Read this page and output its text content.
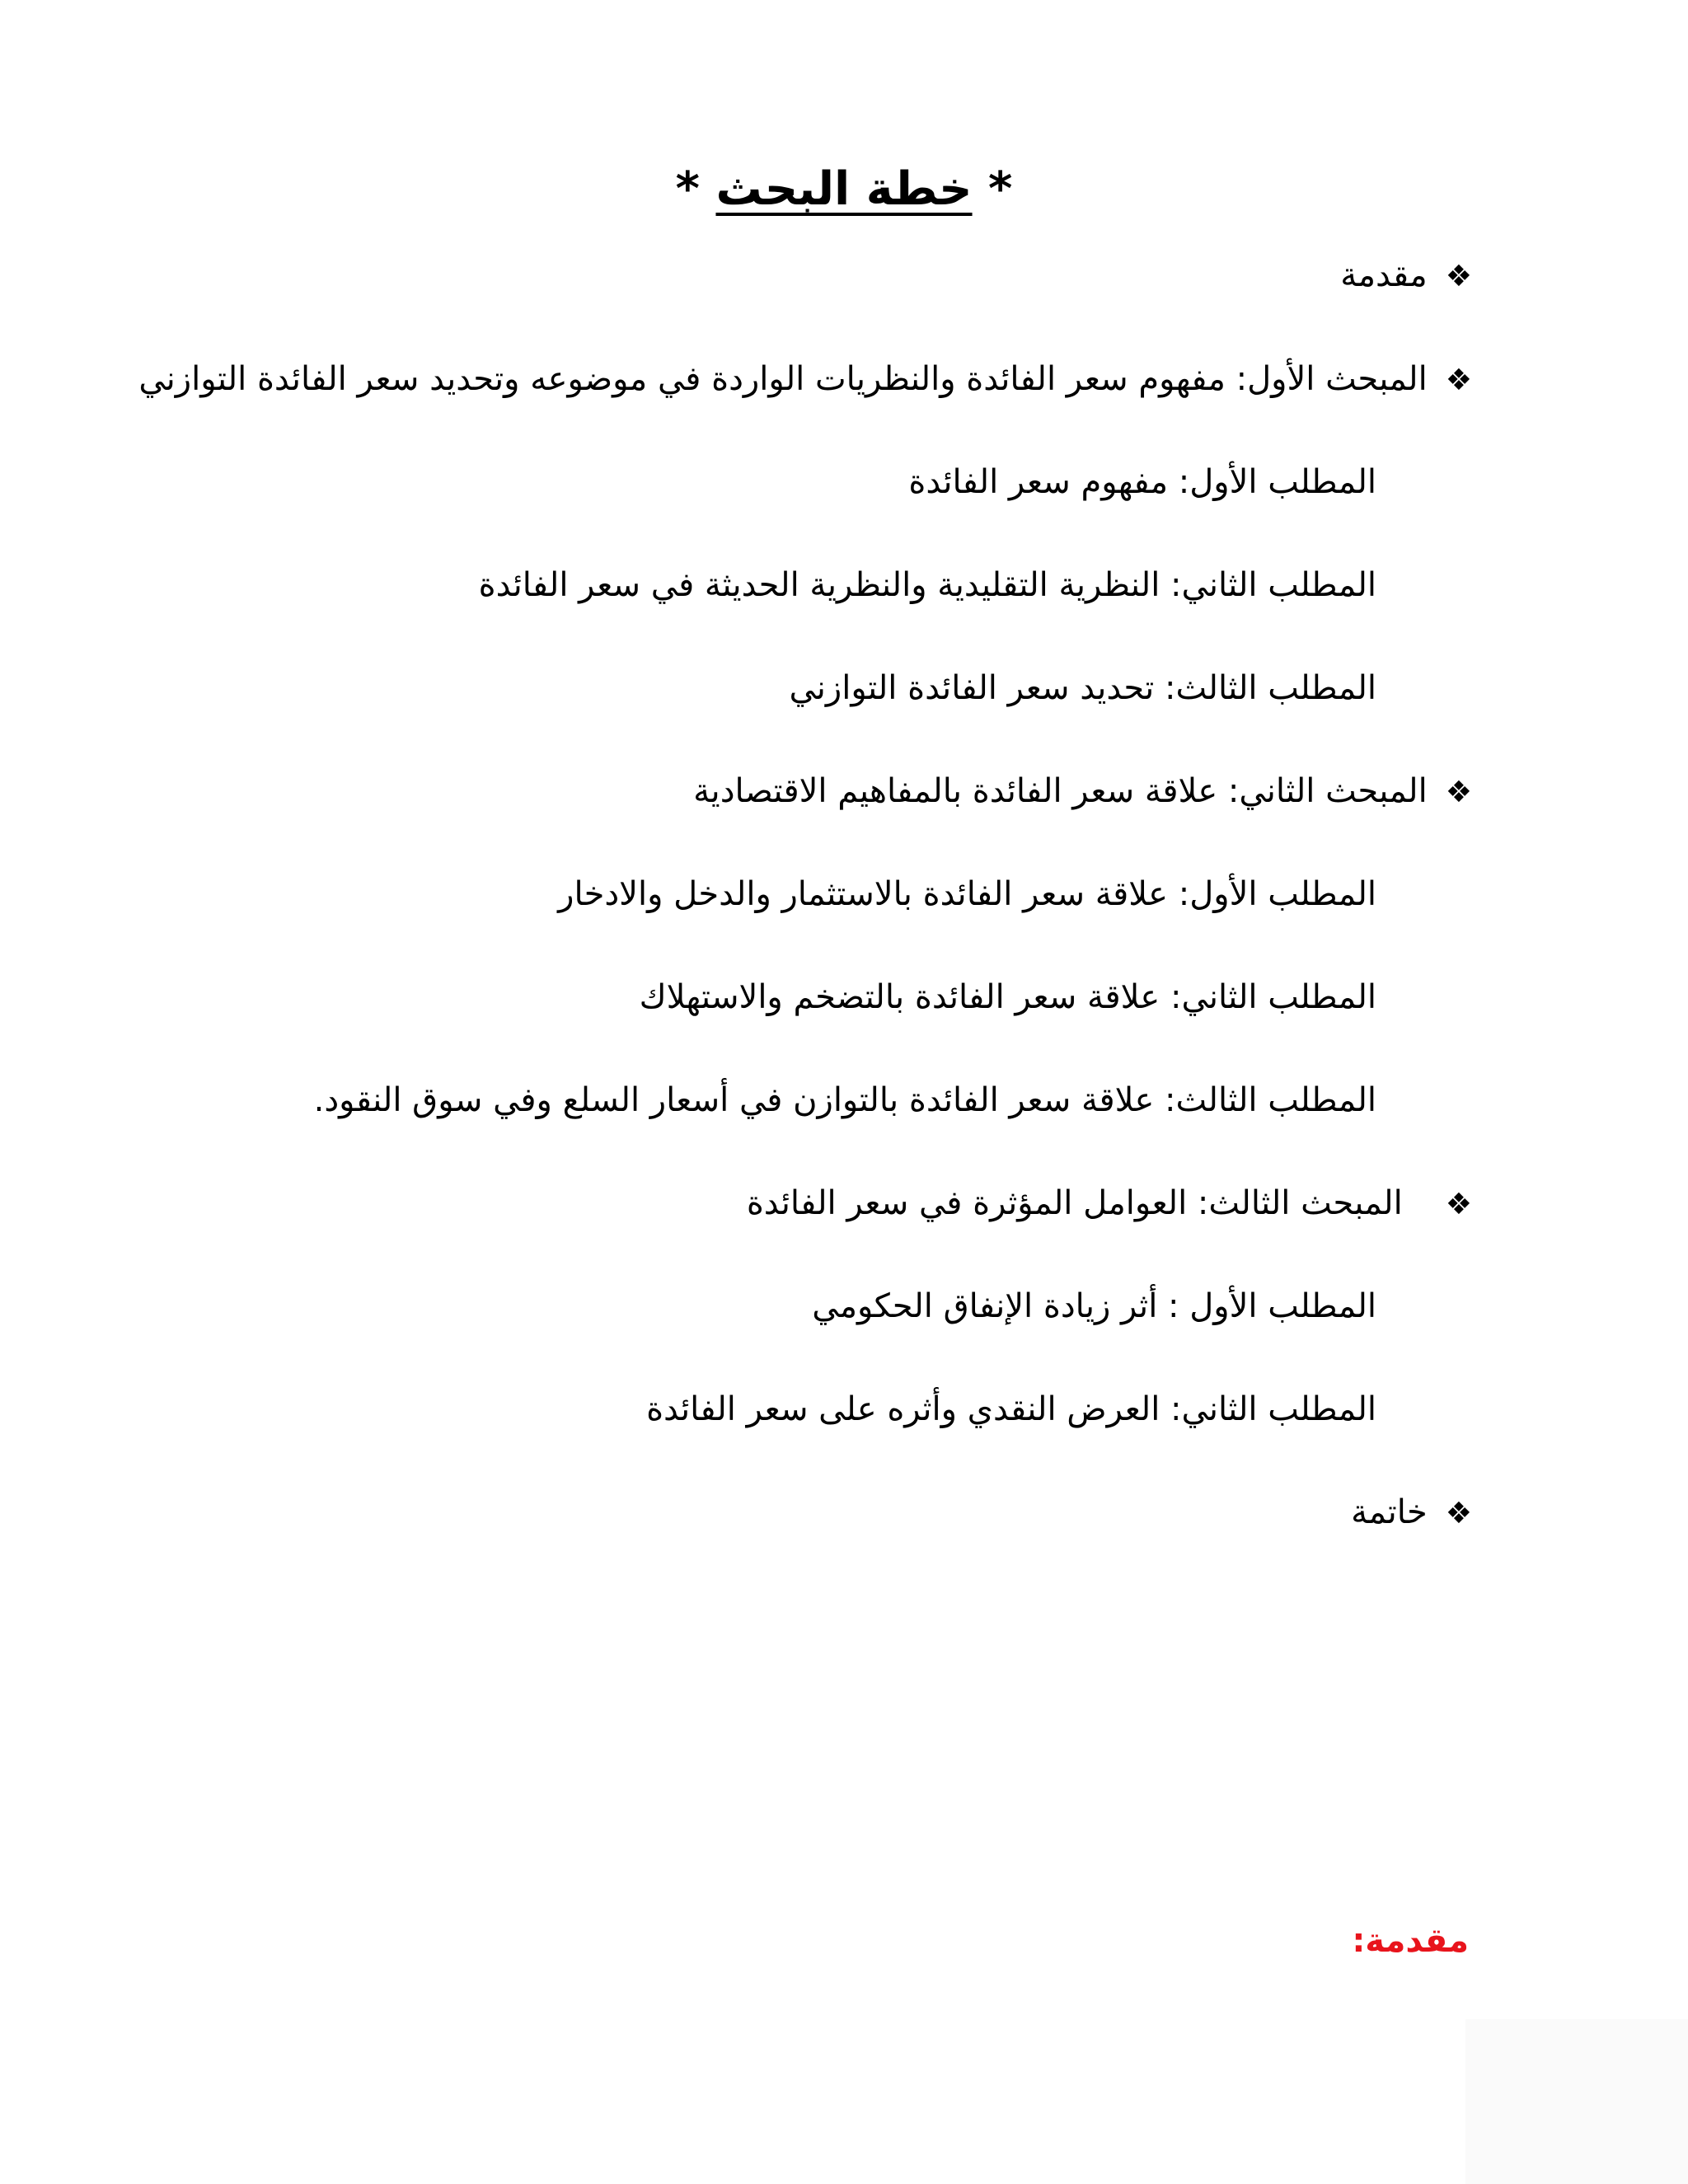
* خطة البحث *
❖مقدمة
❖المبحث الأول: مفهوم سعر الفائدة والنظريات الواردة في موضوعه وتحديد سعر الفائدة التوازني
المطلب الأول: مفهوم سعر الفائدة
المطلب الثاني: النظرية التقليدية والنظرية الحديثة في سعر الفائدة
المطلب الثالث: تحديد سعر الفائدة التوازني
❖المبحث الثاني: علاقة سعر الفائدة بالمفاهيم الاقتصادية
المطلب الأول: علاقة سعر الفائدة بالاستثمار والدخل والادخار
المطلب الثاني: علاقة سعر الفائدة بالتضخم والاستهلاك
المطلب الثالث: علاقة سعر الفائدة بالتوازن في أسعار السلع وفي سوق النقود.
❖المبحث الثالث: العوامل المؤثرة في سعر الفائدة
المطلب الأول : أثر زيادة الإنفاق الحكومي
المطلب الثاني: العرض النقدي وأثره على سعر الفائدة
❖خاتمة
مقدمة:
